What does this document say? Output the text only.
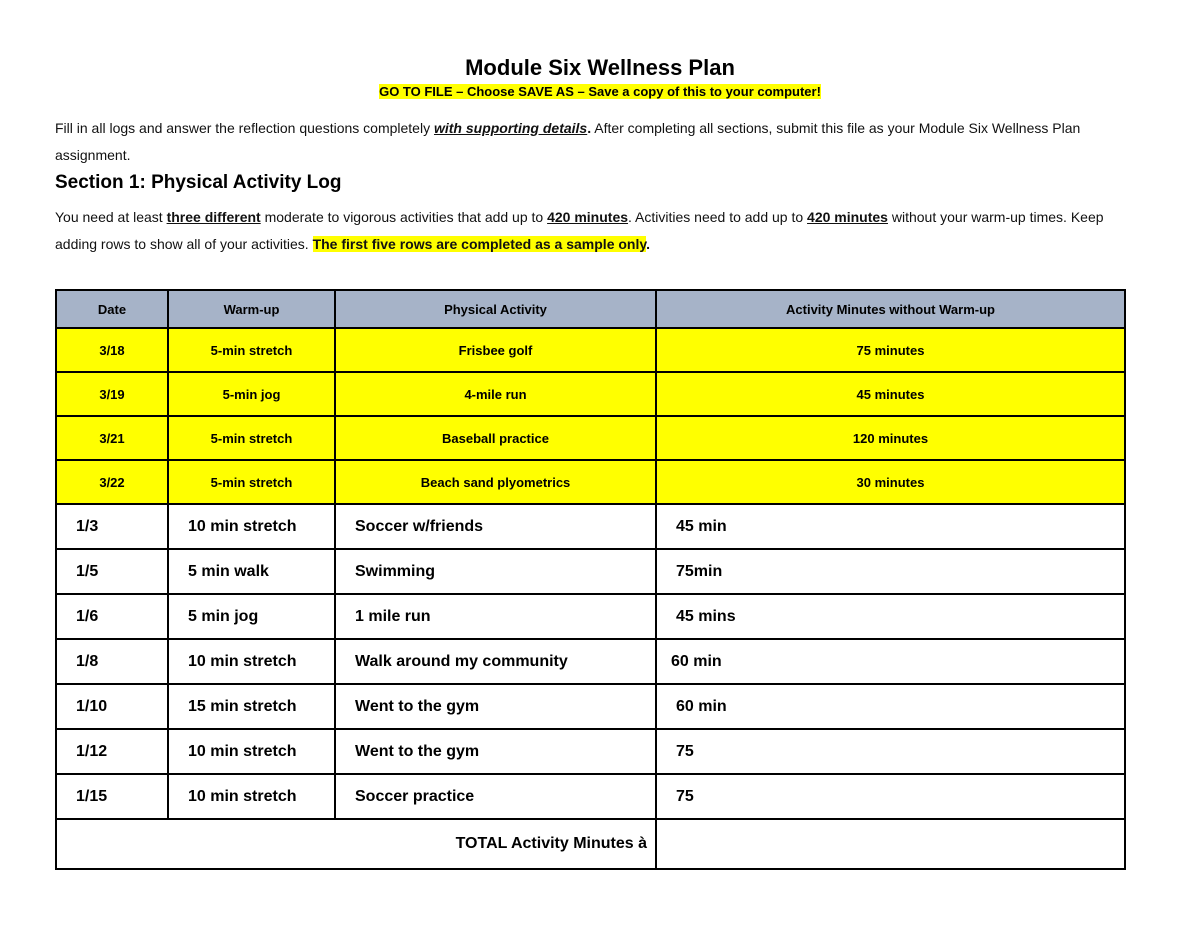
Module Six Wellness Plan
GO TO FILE – Choose SAVE AS – Save a copy of this to your computer!
Fill in all logs and answer the reflection questions completely with supporting details. After completing all sections, submit this file as your Module Six Wellness Plan assignment.
Section 1: Physical Activity Log
You need at least three different moderate to vigorous activities that add up to 420 minutes. Activities need to add up to 420 minutes without your warm-up times. Keep adding rows to show all of your activities. The first five rows are completed as a sample only.
Date	Warm-up	Physical Activity	Activity Minutes without Warm-up
3/18	5-min stretch	Frisbee golf	75 minutes
3/19	5-min jog	4-mile run	45 minutes
3/21	5-min stretch	Baseball practice	120 minutes
3/22	5-min stretch	Beach sand plyometrics	30 minutes
1/3	10 min stretch	Soccer w/friends	45 min
1/5	5 min walk	Swimming	75min
1/6	5 min jog	1 mile run	45 mins
1/8	10 min stretch	Walk around my community	60 min
1/10	15 min stretch	Went to the gym	60 min
1/12	10 min stretch	Went to the gym	75
1/15	10 min stretch	Soccer practice	75
TOTAL Activity Minutes à			
